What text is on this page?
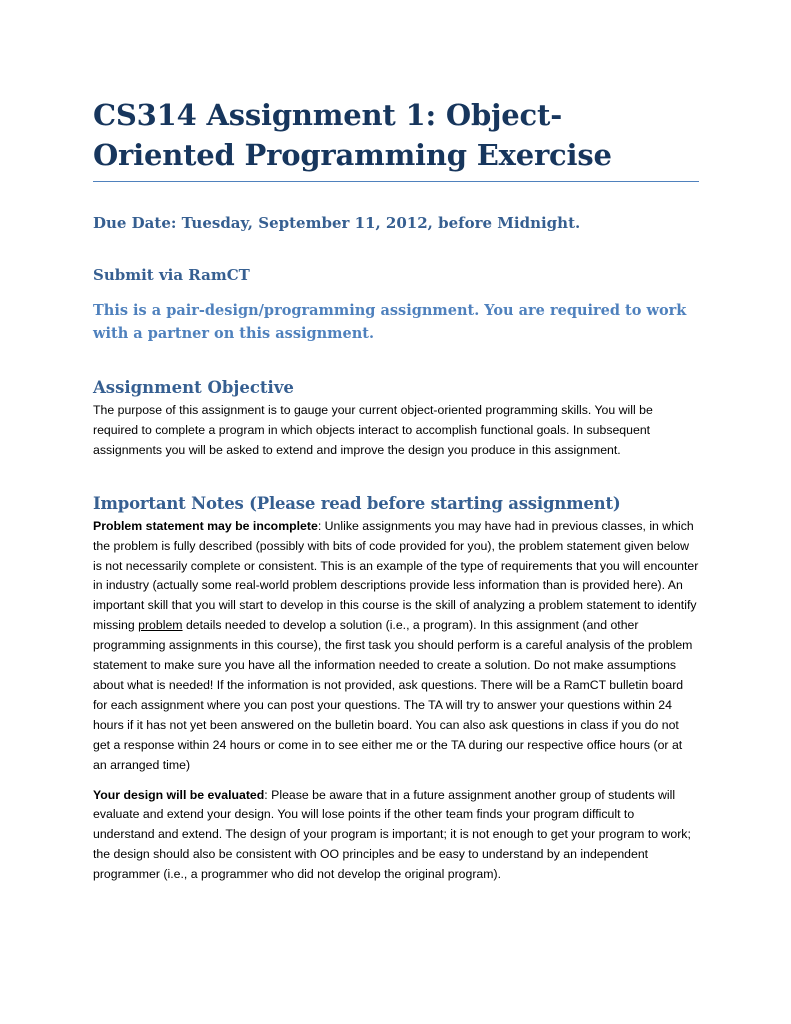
CS314 Assignment 1: Object-Oriented Programming Exercise

Due Date: Tuesday, September 11, 2012, before Midnight.

Submit via RamCT

This is a pair-design/programming assignment. You are required to work with a partner on this assignment.

Assignment Objective

The purpose of this assignment is to gauge your current object-oriented programming skills. You will be required to complete a program in which objects interact to accomplish functional goals. In subsequent assignments you will be asked to extend and improve the design you produce in this assignment.

Important Notes (Please read before starting assignment)

Problem statement may be incomplete: Unlike assignments you may have had in previous classes, in which the problem is fully described (possibly with bits of code provided for you), the problem statement given below is not necessarily complete or consistent. This is an example of the type of requirements that you will encounter in industry (actually some real-world problem descriptions provide less information than is provided here). An important skill that you will start to develop in this course is the skill of analyzing a problem statement to identify missing problem details needed to develop a solution (i.e., a program). In this assignment (and other programming assignments in this course), the first task you should perform is a careful analysis of the problem statement to make sure you have all the information needed to create a solution. Do not make assumptions about what is needed! If the information is not provided, ask questions. There will be a RamCT bulletin board for each assignment where you can post your questions. The TA will try to answer your questions within 24 hours if it has not yet been answered on the bulletin board. You can also ask questions in class if you do not get a response within 24 hours or come in to see either me or the TA during our respective office hours (or at an arranged time)

Your design will be evaluated: Please be aware that in a future assignment another group of students will evaluate and extend your design. You will lose points if the other team finds your program difficult to understand and extend. The design of your program is important; it is not enough to get your program to work; the design should also be consistent with OO principles and be easy to understand by an independent programmer (i.e., a programmer who did not develop the original program).
